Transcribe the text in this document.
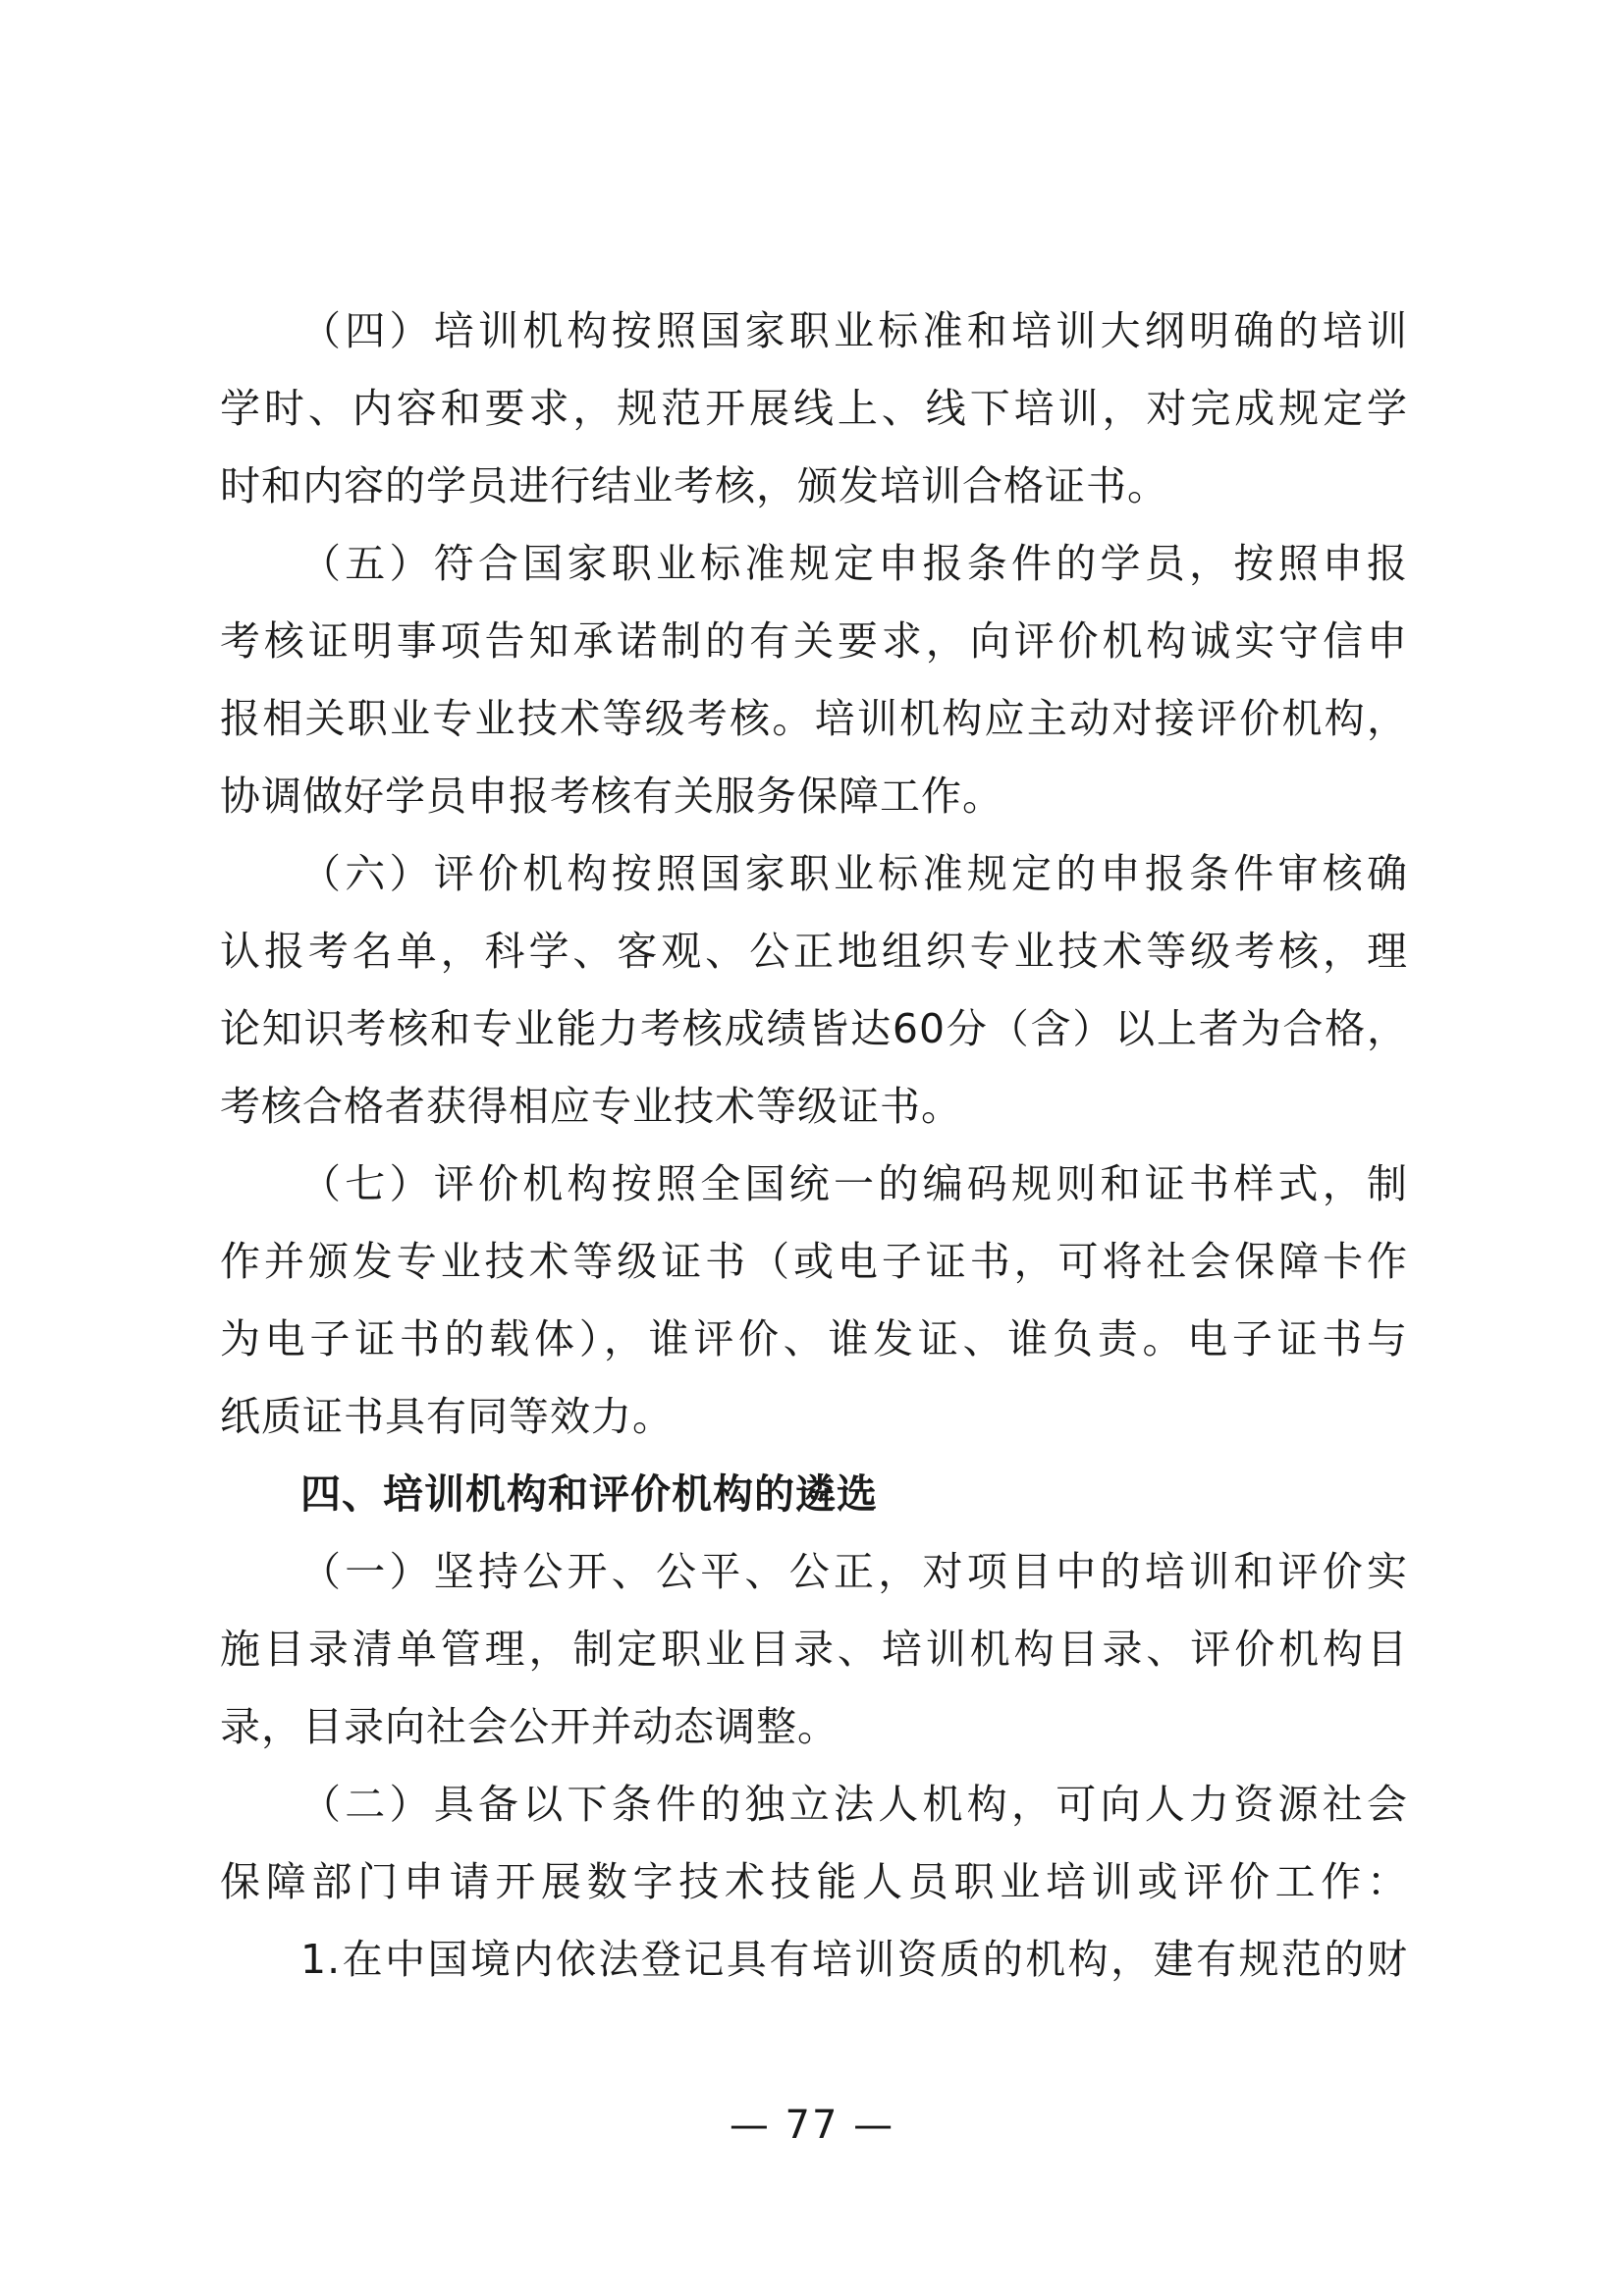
（四）培训机构按照国家职业标准和培训大纲明确的培训
学时、内容和要求，规范开展线上、线下培训，对完成规定学
时和内容的学员进行结业考核，颁发培训合格证书。
（五）符合国家职业标准规定申报条件的学员，按照申报
考核证明事项告知承诺制的有关要求，向评价机构诚实守信申
报相关职业专业技术等级考核。培训机构应主动对接评价机构，
协调做好学员申报考核有关服务保障工作。
（六）评价机构按照国家职业标准规定的申报条件审核确
认报考名单，科学、客观、公正地组织专业技术等级考核，理
论知识考核和专业能力考核成绩皆达60分（含）以上者为合格，
考核合格者获得相应专业技术等级证书。
（七）评价机构按照全国统一的编码规则和证书样式，制
作并颁发专业技术等级证书（或电子证书，可将社会保障卡作
为电子证书的载体），谁评价、谁发证、谁负责。电子证书与
纸质证书具有同等效力。
四、培训机构和评价机构的遴选
（一）坚持公开、公平、公正，对项目中的培训和评价实
施目录清单管理，制定职业目录、培训机构目录、评价机构目
录，目录向社会公开并动态调整。
（二）具备以下条件的独立法人机构，可向人力资源社会
保障部门申请开展数字技术技能人员职业培训或评价工作：
1.在中国境内依法登记具有培训资质的机构，建有规范的财
— 77 —
